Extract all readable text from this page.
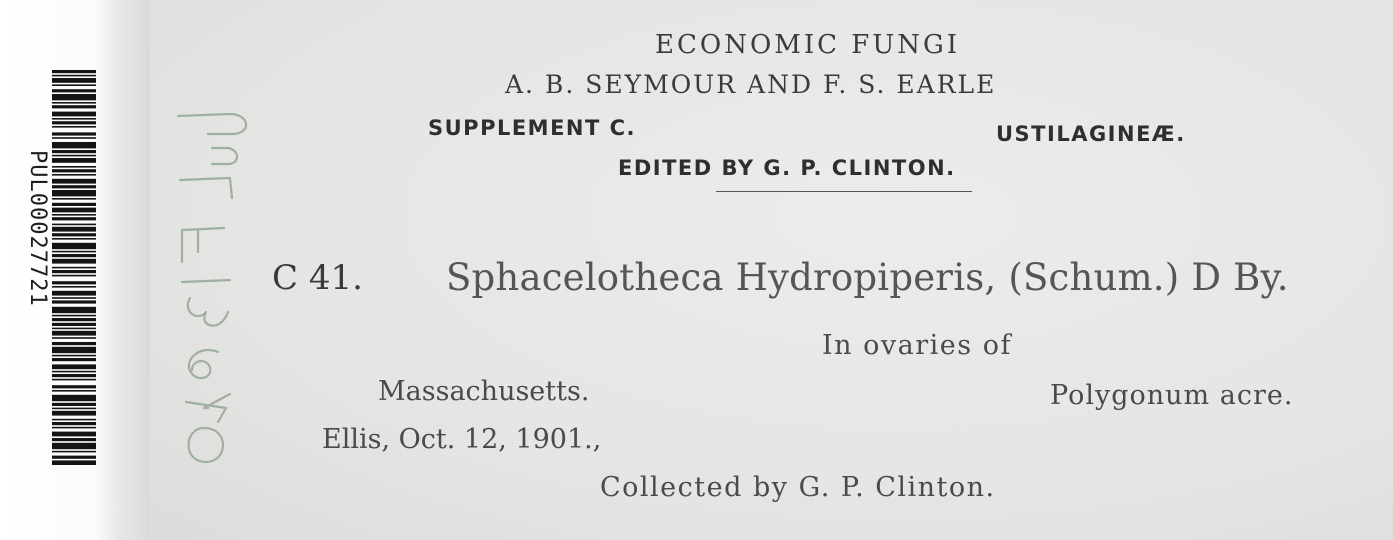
PUL00027721
ECONOMIC FUNGI
A. B. SEYMOUR AND F. S. EARLE
SUPPLEMENT C.	USTILAGINEÆ.
EDITED BY G. P. CLINTON.
C 41. Sphacelotheca Hydropiperis, (Schum.) D By.
In ovaries of
Massachusetts.	Polygonum acre.
Ellis, Oct. 12, 1901.,
Collected by G. P. Clinton.
